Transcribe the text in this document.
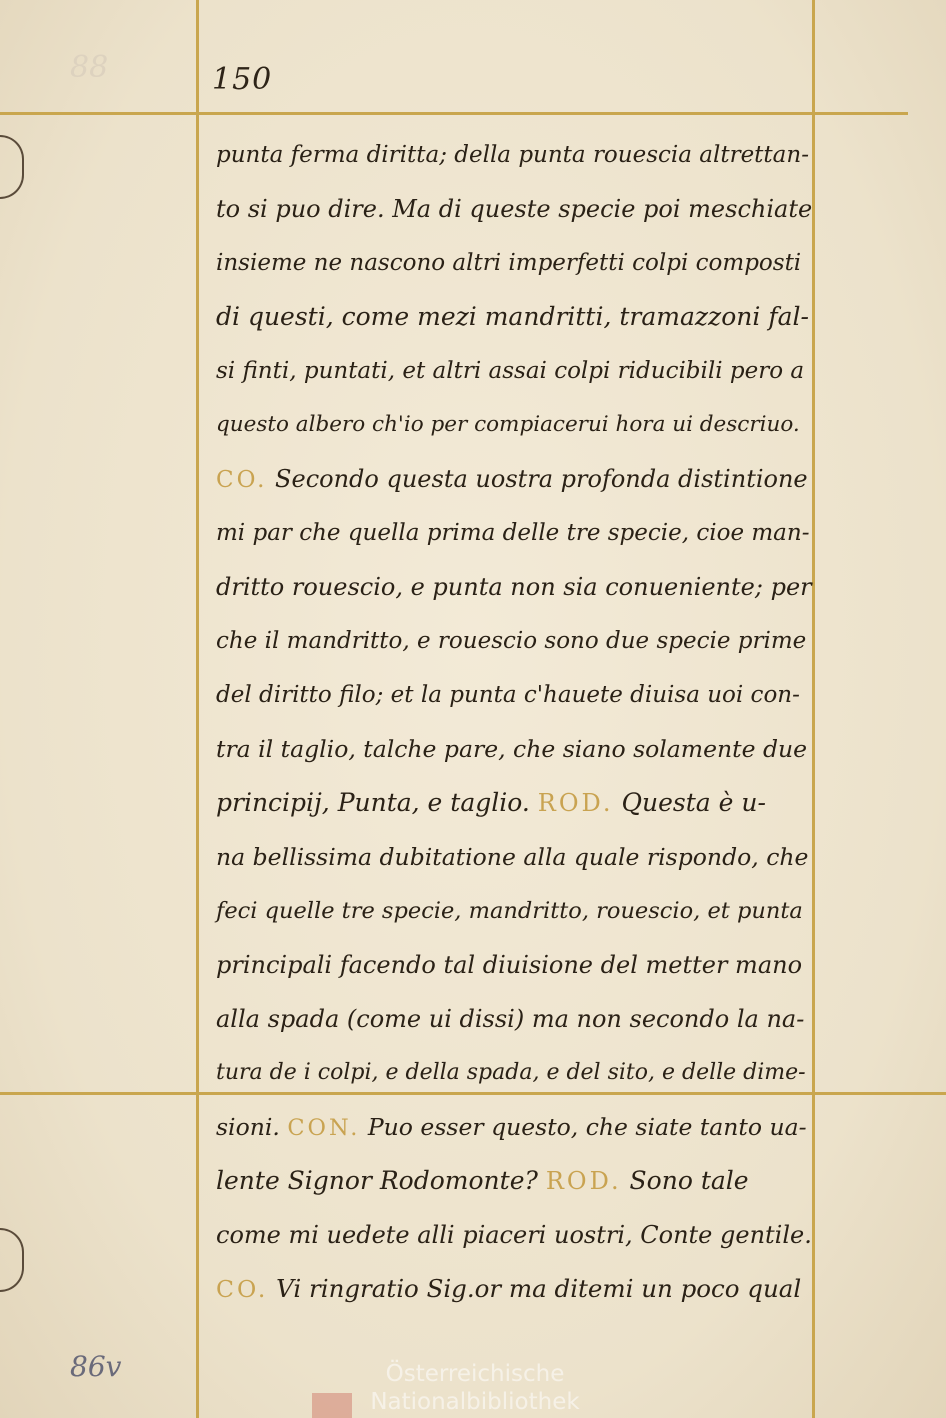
88	150
punta ferma diritta; della punta rouescia altrettan-
to si puo dire. Ma di queste specie poi meschiate
insieme ne nascono altri imperfetti colpi composti
di questi, come mezi mandritti, tramazzoni fal-
si finti, puntati, et altri assai colpi riducibili pero a
questo albero ch'io per compiacerui hora ui descriuo.
CO. Secondo questa uostra profonda distintione
mi par che quella prima delle tre specie, cioe man-
dritto rouescio, e punta non sia conueniente; per
che il mandritto, e rouescio sono due specie prime
del diritto filo; et la punta c'hauete diuisa uoi con-
tra il taglio, talche pare, che siano solamente due
principij, Punta, e taglio. ROD. Questa è u-
na bellissima dubitatione alla quale rispondo, che
feci quelle tre specie, mandritto, rouescio, et punta
principali facendo tal diuisione del metter mano
alla spada (come ui dissi) ma non secondo la na-
tura de i colpi, e della spada, e del sito, e delle dime-
sioni. CON. Puo esser questo, che siate tanto ua-
lente Signor Rodomonte? ROD. Sono tale
come mi uedete alli piaceri uostri, Conte gentile.
CO. Vi ringratio Sig.or ma ditemi un poco qual
86v	Österreichische
Nationalbibliothek
